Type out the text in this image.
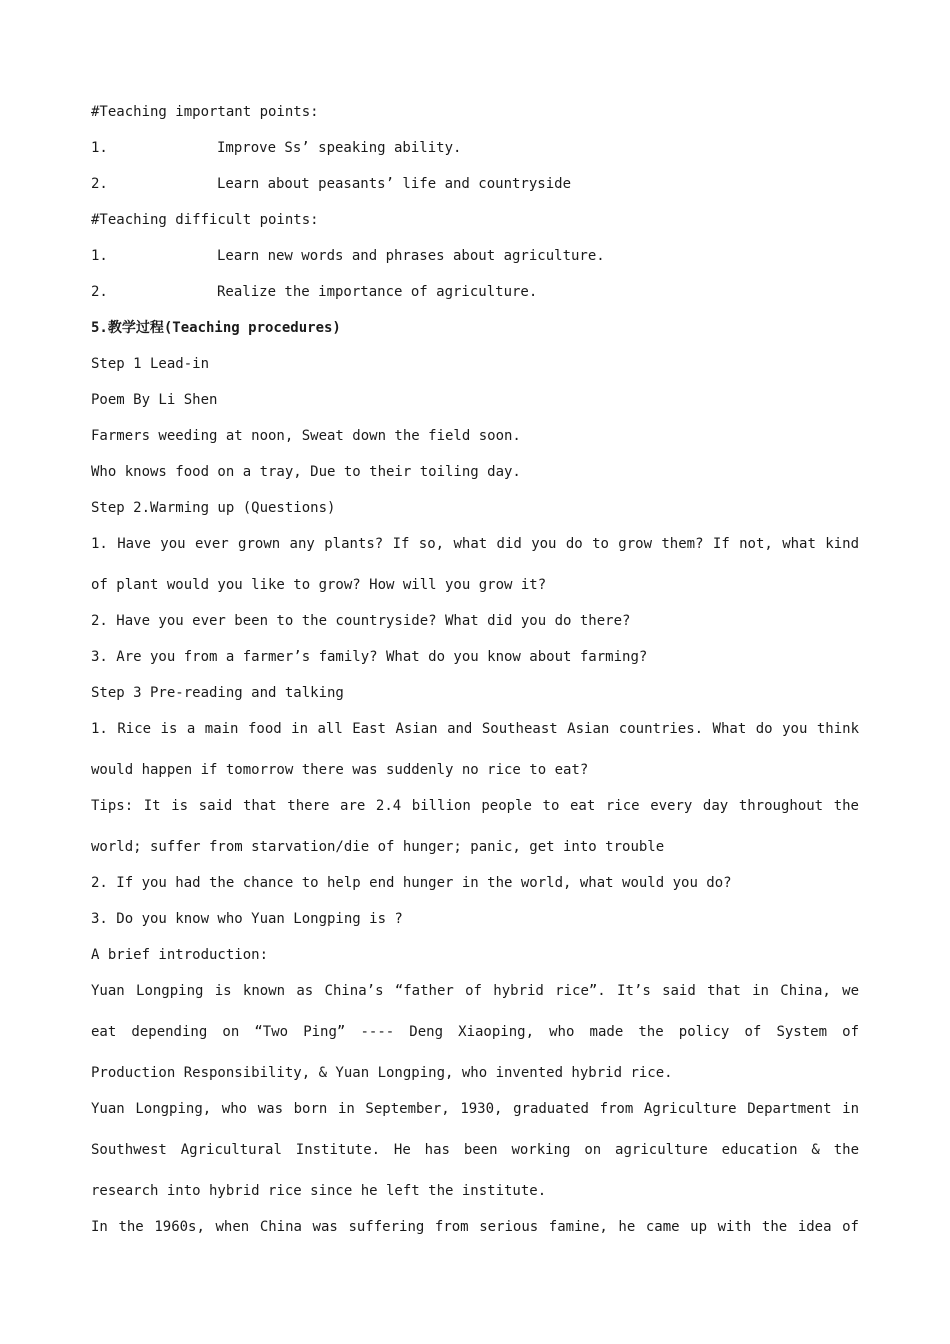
#Teaching important points:
1.	Improve Ss’ speaking ability.
2.	Learn about peasants’ life and countryside
#Teaching difficult points:
1.	Learn new words and phrases about agriculture.
2.	Realize the importance of agriculture.
5.教学过程(Teaching procedures)
Step 1 Lead-in
Poem By Li Shen
Farmers weeding at noon, Sweat down the field soon.
Who knows food on a tray, Due to their toiling day.
Step 2.Warming up (Questions)
1. Have you ever grown any plants? If so, what did you do to grow them? If not, what kind
of plant would you like to grow? How will you grow it?
2. Have you ever been to the countryside? What did you do there?
3. Are you from a farmer’s family? What do you know about farming?
Step 3 Pre-reading and talking
1. Rice is a main food in all East Asian and Southeast Asian countries. What do you think
would happen if tomorrow there was suddenly no rice to eat?
Tips: It is said that there are 2.4 billion people to eat rice every day throughout the
world; suffer from starvation/die of hunger; panic, get into trouble
2. If you had the chance to help end hunger in the world, what would you do?
3. Do you know who Yuan Longping is ?
A brief introduction:
Yuan Longping is known as China’s “father of hybrid rice”. It’s said that in China, we
eat depending on “Two Ping” ---- Deng Xiaoping, who made the policy of System of
Production Responsibility, & Yuan Longping, who invented hybrid rice.
Yuan Longping, who was born in September, 1930, graduated from Agriculture Department in
Southwest Agricultural Institute. He has been working on agriculture education & the
research into hybrid rice since he left the institute.
In the 1960s, when China was suffering from serious famine, he came up with the idea of
